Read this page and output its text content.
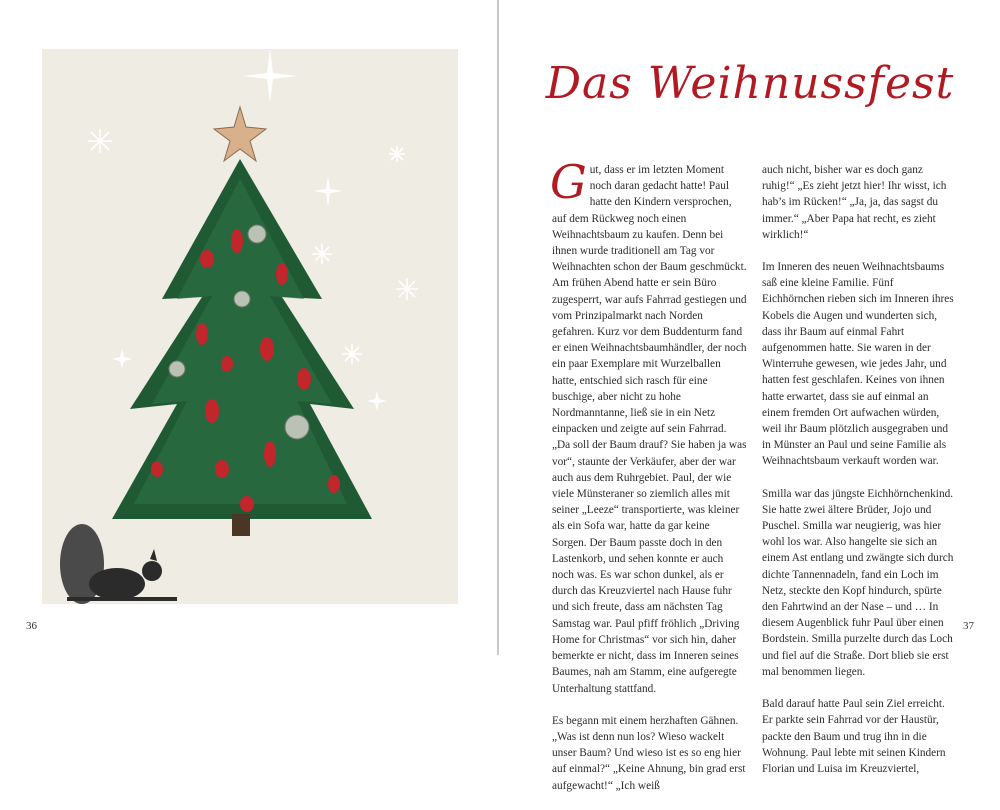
36
Das Weihnussfest

Gut, dass er im letzten Moment noch daran gedacht hatte! Paul hatte den Kindern versprochen, auf dem Rückweg noch einen Weihnachtsbaum zu kaufen. Denn bei ihnen wurde traditionell am Tag vor Weihnachten schon der Baum geschmückt. Am frühen Abend hatte er sein Büro zugesperrt, war aufs Fahrrad gestiegen und vom Prinzipalmarkt nach Norden gefahren. Kurz vor dem Buddenturm fand er einen Weihnachtsbaumhändler, der noch ein paar Exemplare mit Wurzelballen hatte, entschied sich rasch für eine buschige, aber nicht zu hohe Nordmanntanne, ließ sie in ein Netz einpacken und zeigte auf sein Fahrrad. „Da soll der Baum drauf? Sie haben ja was vor“, staunte der Verkäufer, aber der war auch aus dem Ruhrgebiet. Paul, der wie viele Münsteraner so ziemlich alles mit seiner „Leeze“ transportierte, was kleiner als ein Sofa war, hatte da gar keine Sorgen. Der Baum passte doch in den Lastenkorb, und sehen konnte er auch noch was. Es war schon dunkel, als er durch das Kreuzviertel nach Hause fuhr und sich freute, dass am nächsten Tag Samstag war. Paul pfiff fröhlich „Driving Home for Christmas“ vor sich hin, daher bemerkte er nicht, dass im Inneren seines Baumes, nah am Stamm, eine aufgeregte Unterhaltung stattfand.

Es begann mit einem herzhaften Gähnen. „Was ist denn nun los? Wieso wackelt unser Baum? Und wieso ist es so eng hier auf einmal?“ „Keine Ahnung, bin grad erst aufgewacht!“ „Ich weiß

auch nicht, bisher war es doch ganz ruhig!“ „Es zieht jetzt hier! Ihr wisst, ich hab’s im Rücken!“ „Ja, ja, das sagst du immer.“ „Aber Papa hat recht, es zieht wirklich!“

Im Inneren des neuen Weihnachtsbaums saß eine kleine Familie. Fünf Eichhörnchen rieben sich im Inneren ihres Kobels die Augen und wunderten sich, dass ihr Baum auf einmal Fahrt aufgenommen hatte. Sie waren in der Winterruhe gewesen, wie jedes Jahr, und hatten fest geschlafen. Keines von ihnen hatte erwartet, dass sie auf einmal an einem fremden Ort aufwachen würden, weil ihr Baum plötzlich ausgegraben und in Münster an Paul und seine Familie als Weihnachtsbaum verkauft worden war.

Smilla war das jüngste Eichhörnchenkind. Sie hatte zwei ältere Brüder, Jojo und Puschel. Smilla war neugierig, was hier wohl los war. Also hangelte sie sich an einem Ast entlang und zwängte sich durch dichte Tannennadeln, fand ein Loch im Netz, steckte den Kopf hindurch, spürte den Fahrtwind an der Nase – und … In diesem Augenblick fuhr Paul über einen Bordstein. Smilla purzelte durch das Loch und fiel auf die Straße. Dort blieb sie erst mal benommen liegen.

Bald darauf hatte Paul sein Ziel erreicht. Er parkte sein Fahrrad vor der Haustür, packte den Baum und trug ihn in die Wohnung. Paul lebte mit seinen Kindern Florian und Luisa im Kreuzviertel,

37
